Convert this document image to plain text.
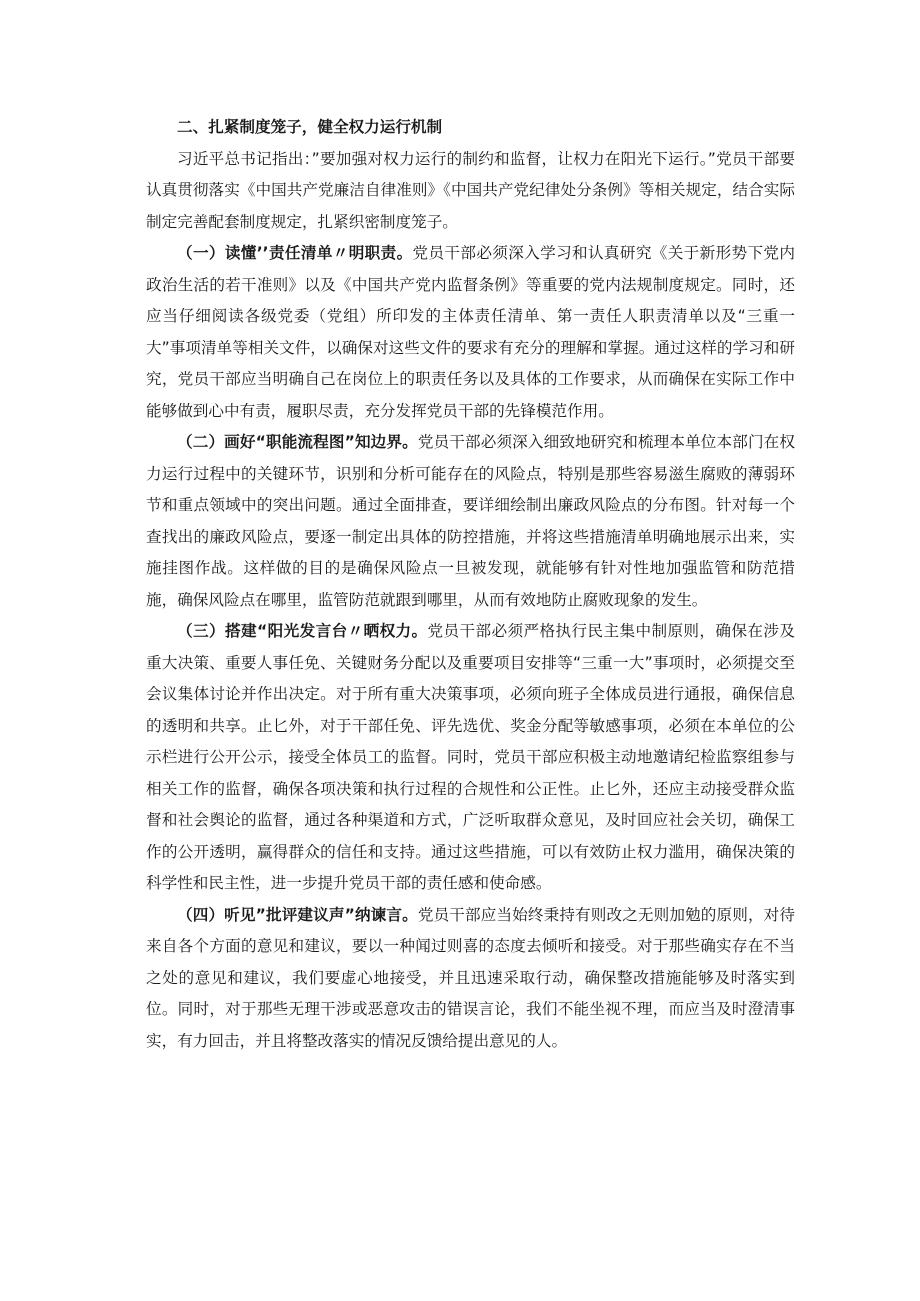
二、扎紧制度笼子，健全权力运行机制

习近平总书记指出：”要加强对权力运行的制约和监督，让权力在阳光下运行。”党员干部要认真贯彻落实《中国共产党廉洁自律准则》《中国共产党纪律处分条例》等相关规定，结合实际制定完善配套制度规定，扎紧织密制度笼子。

（一）读懂’’责任清单〃明职责。党员干部必须深入学习和认真研究《关于新形势下党内政治生活的若干准则》以及《中国共产党内监督条例》等重要的党内法规制度规定。同时，还应当仔细阅读各级党委（党组）所印发的主体责任清单、第一责任人职责清单以及“三重一大”事项清单等相关文件，以确保对这些文件的要求有充分的理解和掌握。通过这样的学习和研究，党员干部应当明确自己在岗位上的职责任务以及具体的工作要求，从而确保在实际工作中能够做到心中有责，履职尽责，充分发挥党员干部的先锋模范作用。

（二）画好“职能流程图”知边界。党员干部必须深入细致地研究和梳理本单位本部门在权力运行过程中的关键环节，识别和分析可能存在的风险点，特别是那些容易滋生腐败的薄弱环节和重点领域中的突出问题。通过全面排查，要详细绘制出廉政风险点的分布图。针对每一个查找出的廉政风险点，要逐一制定出具体的防控措施，并将这些措施清单明确地展示出来，实施挂图作战。这样做的目的是确保风险点一旦被发现，就能够有针对性地加强监管和防范措施，确保风险点在哪里，监管防范就跟到哪里，从而有效地防止腐败现象的发生。

（三）搭建“阳光发言台〃晒权力。党员干部必须严格执行民主集中制原则，确保在涉及重大决策、重要人事任免、关键财务分配以及重要项目安排等“三重一大”事项时，必须提交至会议集体讨论并作出决定。对于所有重大决策事项，必须向班子全体成员进行通报，确保信息的透明和共享。止匕外，对于干部任免、评先选优、奖金分配等敏感事项，必须在本单位的公示栏进行公开公示，接受全体员工的监督。同时，党员干部应积极主动地邀请纪检监察组参与相关工作的监督，确保各项决策和执行过程的合规性和公正性。止匕外，还应主动接受群众监督和社会舆论的监督，通过各种渠道和方式，广泛听取群众意见，及时回应社会关切，确保工作的公开透明，赢得群众的信任和支持。通过这些措施，可以有效防止权力滥用，确保决策的科学性和民主性，进一步提升党员干部的责任感和使命感。

（四）听见”批评建议声”纳谏言。党员干部应当始终秉持有则改之无则加勉的原则，对待来自各个方面的意见和建议，要以一种闻过则喜的态度去倾听和接受。对于那些确实存在不当之处的意见和建议，我们要虚心地接受，并且迅速采取行动，确保整改措施能够及时落实到位。同时，对于那些无理干涉或恶意攻击的错误言论，我们不能坐视不理，而应当及时澄清事实，有力回击，并且将整改落实的情况反馈给提出意见的人。
